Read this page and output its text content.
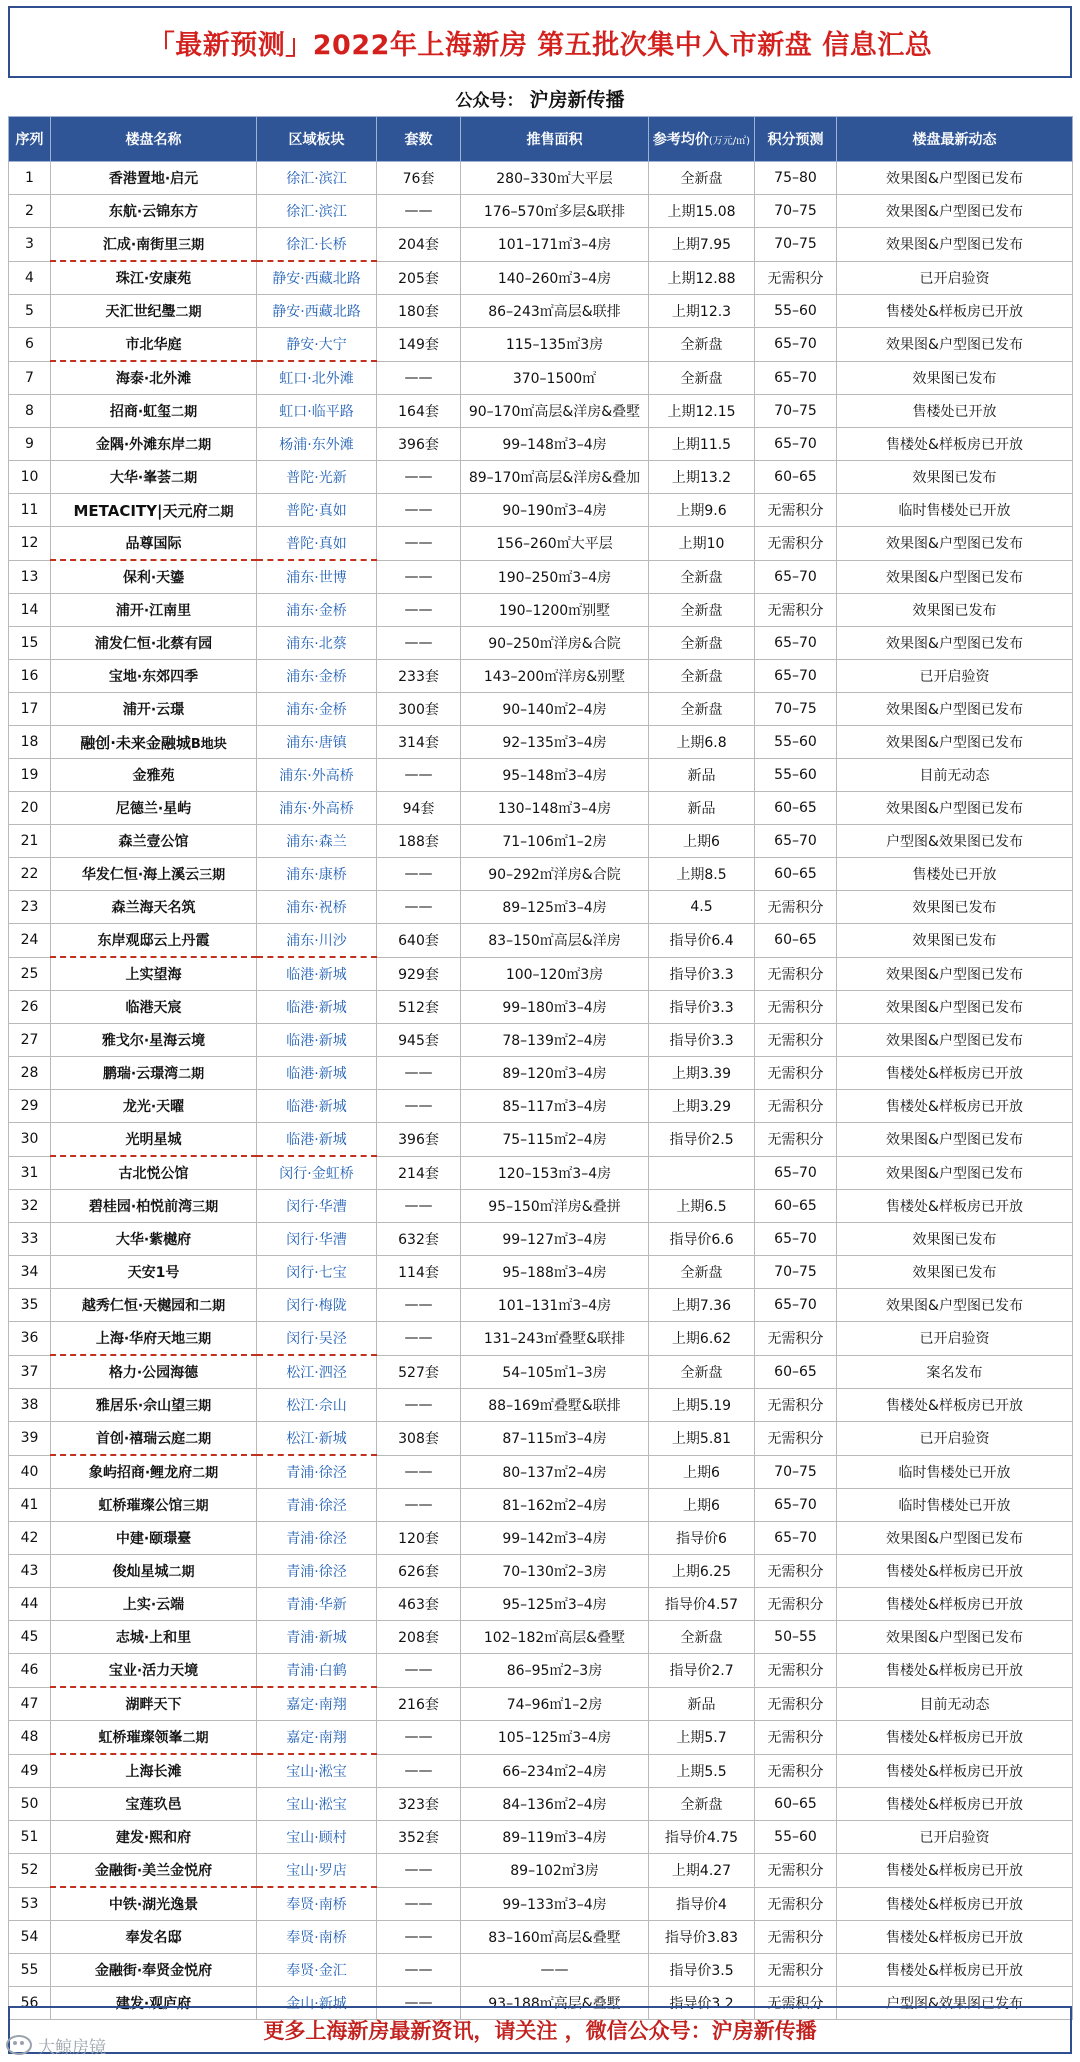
「最新预测」2022年上海新房 第五批次集中入市新盘 信息汇总
公众号： 沪房新传播
序列	楼盘名称	区域板块	套数	推售面积	参考均价(万元/㎡)	积分预测	楼盘最新动态
1	香港置地·启元	徐汇·滨江	76套	280–330㎡大平层	全新盘	75–80	效果图&户型图已发布
2	东航·云锦东方	徐汇·滨江	——	176–570㎡多层&联排	上期15.08	70–75	效果图&户型图已发布
3	汇成·南街里三期	徐汇·长桥	204套	101–171㎡3–4房	上期7.95	70–75	效果图&户型图已发布
4	珠江·安康苑	静安·西藏北路	205套	140–260㎡3–4房	上期12.88	无需积分	已开启验资
5	天汇世纪璺二期	静安·西藏北路	180套	86–243㎡高层&联排	上期12.3	55–60	售楼处&样板房已开放
6	市北华庭	静安·大宁	149套	115–135㎡3房	全新盘	65–70	效果图&户型图已发布
7	海泰·北外滩	虹口·北外滩	——	370–1500㎡	全新盘	65–70	效果图已发布
8	招商·虹玺二期	虹口·临平路	164套	90–170㎡高层&洋房&叠墅	上期12.15	70–75	售楼处已开放
9	金隅·外滩东岸二期	杨浦·东外滩	396套	99–148㎡3–4房	上期11.5	65–70	售楼处&样板房已开放
10	大华·峯荟二期	普陀·光新	——	89–170㎡高层&洋房&叠加	上期13.2	60–65	效果图已发布
11	METACITY|天元府二期	普陀·真如	——	90–190㎡3–4房	上期9.6	无需积分	临时售楼处已开放
12	品尊国际	普陀·真如	——	156–260㎡大平层	上期10	无需积分	效果图&户型图已发布
13	保利·天鎏	浦东·世博	——	190–250㎡3–4房	全新盘	65–70	效果图&户型图已发布
14	浦开·江南里	浦东·金桥	——	190–1200㎡别墅	全新盘	无需积分	效果图已发布
15	浦发仁恒·北蔡有园	浦东·北蔡	——	90–250㎡洋房&合院	全新盘	65–70	效果图&户型图已发布
16	宝地·东郊四季	浦东·金桥	233套	143–200㎡洋房&别墅	全新盘	65–70	已开启验资
17	浦开·云璟	浦东·金桥	300套	90–140㎡2–4房	全新盘	70–75	效果图&户型图已发布
18	融创·未来金融城B地块	浦东·唐镇	314套	92–135㎡3–4房	上期6.8	55–60	效果图&户型图已发布
19	金雅苑	浦东·外高桥	——	95–148㎡3–4房	新品	55–60	目前无动态
20	尼德兰·星屿	浦东·外高桥	94套	130–148㎡3–4房	新品	60–65	效果图&户型图已发布
21	森兰壹公馆	浦东·森兰	188套	71–106㎡1–2房	上期6	65–70	户型图&效果图已发布
22	华发仁恒·海上溪云三期	浦东·康桥	——	90–292㎡洋房&合院	上期8.5	60–65	售楼处已开放
23	森兰海天名筑	浦东·祝桥	——	89–125㎡3–4房	4.5	无需积分	效果图已发布
24	东岸观邸云上丹霞	浦东·川沙	640套	83–150㎡高层&洋房	指导价6.4	60–65	效果图已发布
25	上实望海	临港·新城	929套	100–120㎡3房	指导价3.3	无需积分	效果图&户型图已发布
26	临港天宸	临港·新城	512套	99–180㎡3–4房	指导价3.3	无需积分	效果图&户型图已发布
27	雅戈尔·星海云境	临港·新城	945套	78–139㎡2–4房	指导价3.3	无需积分	效果图&户型图已发布
28	鹏瑞·云璟湾二期	临港·新城	——	89–120㎡3–4房	上期3.39	无需积分	售楼处&样板房已开放
29	龙光·天曜	临港·新城	——	85–117㎡3–4房	上期3.29	无需积分	售楼处&样板房已开放
30	光明星城	临港·新城	396套	75–115㎡2–4房	指导价2.5	无需积分	效果图&户型图已发布
31	古北悦公馆	闵行·金虹桥	214套	120–153㎡3–4房		65–70	效果图&户型图已发布
32	碧桂园·柏悦前湾三期	闵行·华漕	——	95–150㎡洋房&叠拼	上期6.5	60–65	售楼处&样板房已开放
33	大华·紫樾府	闵行·华漕	632套	99–127㎡3–4房	指导价6.6	65–70	效果图已发布
34	天安1号	闵行·七宝	114套	95–188㎡3–4房	全新盘	70–75	效果图已发布
35	越秀仁恒·天樾园和二期	闵行·梅陇	——	101–131㎡3–4房	上期7.36	65–70	效果图&户型图已发布
36	上海·华府天地三期	闵行·吴泾	——	131–243㎡叠墅&联排	上期6.62	无需积分	已开启验资
37	格力·公园海德	松江·泗泾	527套	54–105㎡1–3房	全新盘	60–65	案名发布
38	雅居乐·佘山望三期	松江·佘山	——	88–169㎡叠墅&联排	上期5.19	无需积分	售楼处&样板房已开放
39	首创·禧瑞云庭二期	松江·新城	308套	87–115㎡3–4房	上期5.81	无需积分	已开启验资
40	象屿招商·鲤龙府二期	青浦·徐泾	——	80–137㎡2–4房	上期6	70–75	临时售楼处已开放
41	虹桥璀璨公馆三期	青浦·徐泾	——	81–162㎡2–4房	上期6	65–70	临时售楼处已开放
42	中建·颐璟臺	青浦·徐泾	120套	99–142㎡3–4房	指导价6	65–70	效果图&户型图已发布
43	俊灿星城二期	青浦·徐泾	626套	70–130㎡2–3房	上期6.25	无需积分	售楼处&样板房已开放
44	上实·云端	青浦·华新	463套	95–125㎡3–4房	指导价4.57	无需积分	售楼处&样板房已开放
45	志城·上和里	青浦·新城	208套	102–182㎡高层&叠墅	全新盘	50–55	效果图&户型图已发布
46	宝业·活力天境	青浦·白鹤	——	86–95㎡2–3房	指导价2.7	无需积分	售楼处&样板房已开放
47	湖畔天下	嘉定·南翔	216套	74–96㎡1–2房	新品	无需积分	目前无动态
48	虹桥璀璨领峯二期	嘉定·南翔	——	105–125㎡3–4房	上期5.7	无需积分	售楼处&样板房已开放
49	上海长滩	宝山·淞宝	——	66–234㎡2–4房	上期5.5	无需积分	售楼处&样板房已开放
50	宝莲玖邑	宝山·淞宝	323套	84–136㎡2–4房	全新盘	60–65	售楼处&样板房已开放
51	建发·熙和府	宝山·顾村	352套	89–119㎡3–4房	指导价4.75	55–60	已开启验资
52	金融街·美兰金悦府	宝山·罗店	——	89–102㎡3房	上期4.27	无需积分	售楼处&样板房已开放
53	中铁·湖光逸景	奉贤·南桥	——	99–133㎡3–4房	指导价4	无需积分	售楼处&样板房已开放
54	奉发名邸	奉贤·南桥	——	83–160㎡高层&叠墅	指导价3.83	无需积分	售楼处&样板房已开放
55	金融街·奉贤金悦府	奉贤·金汇	——	——	指导价3.5	无需积分	售楼处&样板房已开放
56	建发·观庐府	金山·新城	——	93–188㎡高层&叠墅	指导价3.2	无需积分	户型图&效果图已发布
更多上海新房最新资讯，请关注 ，微信公众号：沪房新传播
大鲸房镜
